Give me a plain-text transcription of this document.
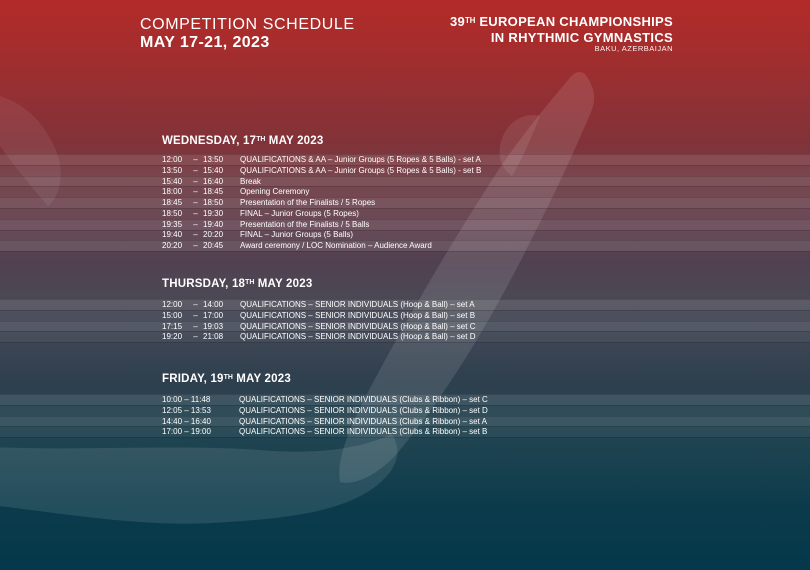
COMPETITION SCHEDULE
MAY 17-21, 2023
39TH EUROPEAN CHAMPIONSHIPS
IN RHYTHMIC GYMNASTICS
BAKU, AZERBAIJAN
WEDNESDAY, 17TH MAY 2023
12:00	– 13:50	QUALIFICATIONS & AA – Junior Groups (5 Ropes & 5 Balls) - set A
13:50	– 15:40	QUALIFICATIONS & AA – Junior Groups (5 Ropes & 5 Balls) - set B
15:40	– 16:40	Break
18:00	– 18:45	Opening Ceremony
18:45	– 18:50	Presentation of the Finalists / 5 Ropes
18:50	– 19:30	FINAL – Junior Groups (5 Ropes)
19:35	– 19:40	Presentation of the Finalists / 5 Balls
19:40	– 20:20	FINAL – Junior Groups (5 Balls)
20:20	– 20:45	Award ceremony / LOC Nomination – Audience Award
THURSDAY, 18TH MAY 2023
12:00	– 14:00	QUALIFICATIONS – SENIOR INDIVIDUALS (Hoop & Ball) – set A
15:00	– 17:00	QUALIFICATIONS – SENIOR INDIVIDUALS (Hoop & Ball) – set B
17:15	– 19:03	QUALIFICATIONS – SENIOR INDIVIDUALS (Hoop & Ball) – set C
19:20	– 21:08	QUALIFICATIONS – SENIOR INDIVIDUALS (Hoop & Ball) – set D
FRIDAY, 19TH MAY 2023
10:00 – 11:48	QUALIFICATIONS – SENIOR INDIVIDUALS (Clubs & Ribbon) – set C
12:05 – 13:53	QUALIFICATIONS – SENIOR INDIVIDUALS (Clubs & Ribbon) – set D
14:40 – 16:40	QUALIFICATIONS – SENIOR INDIVIDUALS (Clubs & Ribbon) – set A
17:00 – 19:00	QUALIFICATIONS – SENIOR INDIVIDUALS (Clubs & Ribbon) – set B
